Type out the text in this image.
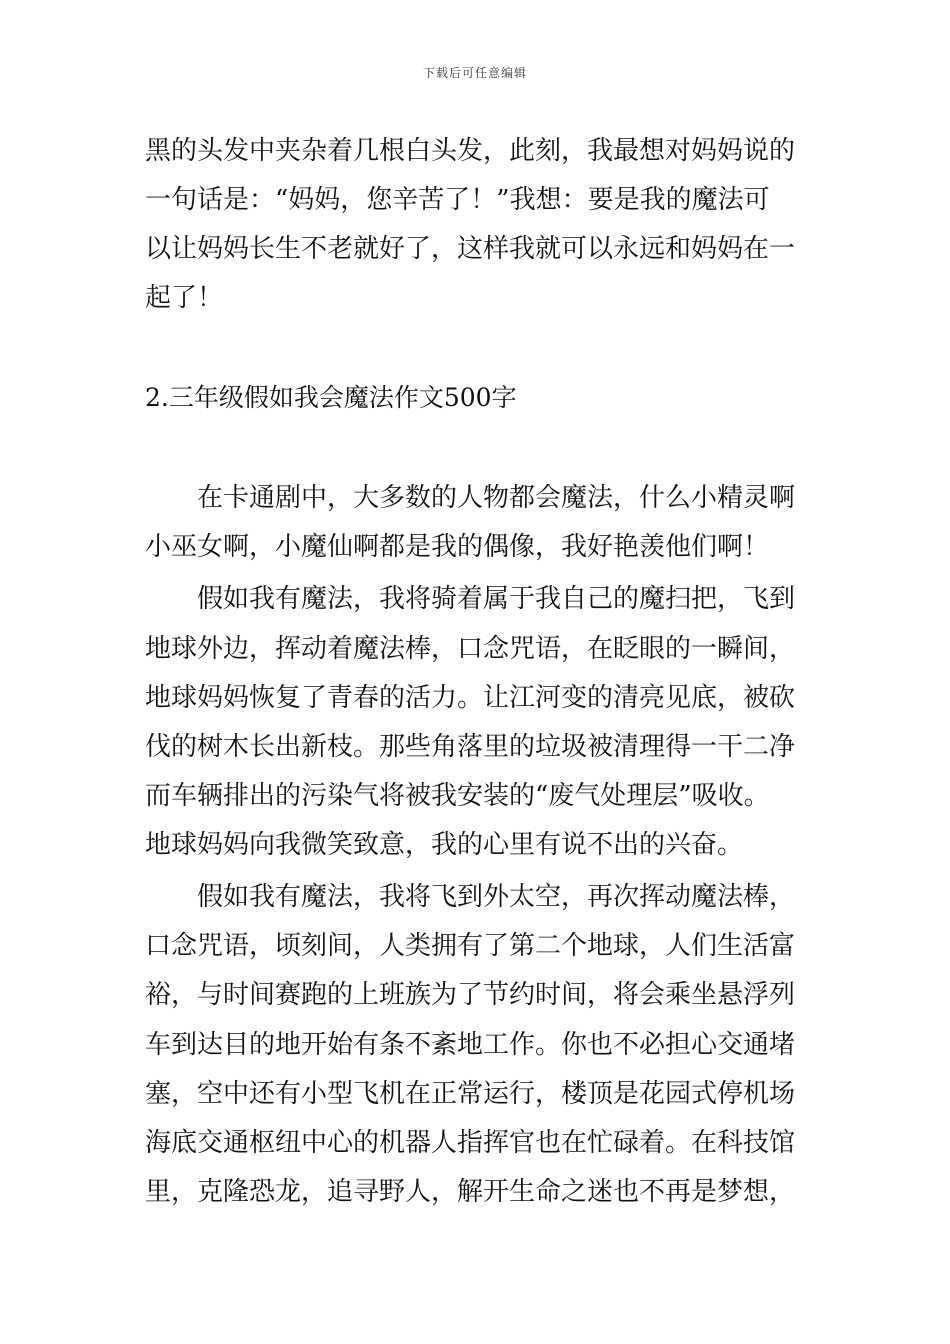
下载后可任意编辑
黑的头发中夹杂着几根白头发，此刻，我最想对妈妈说的
一句话是：“妈妈，您辛苦了！”我想：要是我的魔法可
以让妈妈长生不老就好了，这样我就可以永远和妈妈在一
起了！
2.三年级假如我会魔法作文500字
在卡通剧中，大多数的人物都会魔法，什么小精灵啊
小巫女啊，小魔仙啊都是我的偶像，我好艳羡他们啊！
假如我有魔法，我将骑着属于我自己的魔扫把，飞到
地球外边，挥动着魔法棒，口念咒语，在眨眼的一瞬间，
地球妈妈恢复了青春的活力。让江河变的清亮见底，被砍
伐的树木长出新枝。那些角落里的垃圾被清理得一干二净
而车辆排出的污染气将被我安装的“废气处理层”吸收。
地球妈妈向我微笑致意，我的心里有说不出的兴奋。
假如我有魔法，我将飞到外太空，再次挥动魔法棒，
口念咒语，顷刻间，人类拥有了第二个地球，人们生活富
裕，与时间赛跑的上班族为了节约时间，将会乘坐悬浮列
车到达目的地开始有条不紊地工作。你也不必担心交通堵
塞，空中还有小型飞机在正常运行，楼顶是花园式停机场
海底交通枢纽中心的机器人指挥官也在忙碌着。在科技馆
里，克隆恐龙，追寻野人，解开生命之迷也不再是梦想，
